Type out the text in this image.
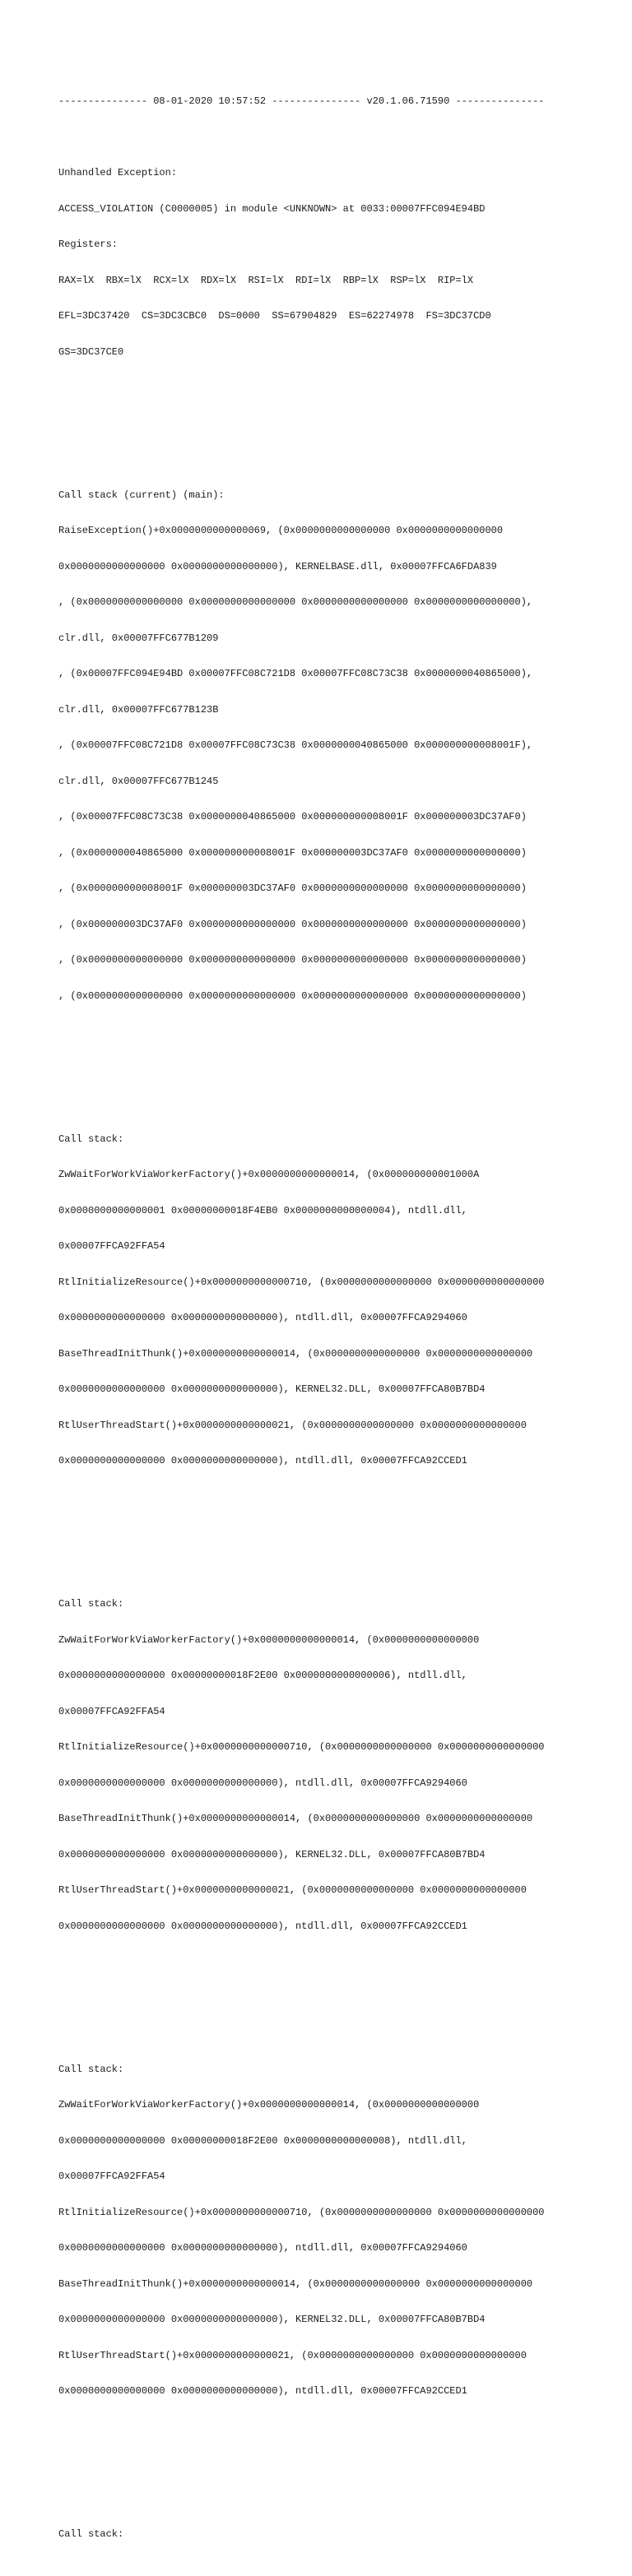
--------------- 08-01-2020 10:57:52 --------------- v20.1.06.71590 ---------------

Unhandled Exception:

ACCESS_VIOLATION (C0000005) in module <UNKNOWN> at 0033:00007FFC094E94BD

Registers:

RAX=lX  RBX=lX  RCX=lX  RDX=lX  RSI=lX  RDI=lX  RBP=lX  RSP=lX  RIP=lX

EFL=3DC37420  CS=3DC3CBC0  DS=0000  SS=67904829  ES=62274978  FS=3DC37CD0

GS=3DC37CE0

Call stack (current) (main):

RaiseException()+0x0000000000000069, (0x0000000000000000 0x0000000000000000

0x0000000000000000 0x0000000000000000), KERNELBASE.dll, 0x00007FFCA6FDA839

, (0x0000000000000000 0x0000000000000000 0x0000000000000000 0x0000000000000000),

clr.dll, 0x00007FFC677B1209

, (0x00007FFC094E94BD 0x00007FFC08C721D8 0x00007FFC08C73C38 0x0000000040865000),

clr.dll, 0x00007FFC677B123B

, (0x00007FFC08C721D8 0x00007FFC08C73C38 0x0000000040865000 0x000000000008001F),

clr.dll, 0x00007FFC677B1245

, (0x00007FFC08C73C38 0x0000000040865000 0x000000000008001F 0x000000003DC37AF0)

, (0x0000000040865000 0x000000000008001F 0x000000003DC37AF0 0x0000000000000000)

, (0x000000000008001F 0x000000003DC37AF0 0x0000000000000000 0x0000000000000000)

, (0x000000003DC37AF0 0x0000000000000000 0x0000000000000000 0x0000000000000000)

, (0x0000000000000000 0x0000000000000000 0x0000000000000000 0x0000000000000000)

, (0x0000000000000000 0x0000000000000000 0x0000000000000000 0x0000000000000000)

Call stack:

ZwWaitForWorkViaWorkerFactory()+0x0000000000000014, (0x000000000001000A

0x0000000000000001 0x00000000018F4EB0 0x0000000000000004), ntdll.dll,

0x00007FFCA92FFA54

RtlInitializeResource()+0x0000000000000710, (0x0000000000000000 0x0000000000000000

0x0000000000000000 0x0000000000000000), ntdll.dll, 0x00007FFCA9294060

BaseThreadInitThunk()+0x0000000000000014, (0x0000000000000000 0x0000000000000000

0x0000000000000000 0x0000000000000000), KERNEL32.DLL, 0x00007FFCA80B7BD4

RtlUserThreadStart()+0x0000000000000021, (0x0000000000000000 0x0000000000000000

0x0000000000000000 0x0000000000000000), ntdll.dll, 0x00007FFCA92CCED1

Call stack:

ZwWaitForWorkViaWorkerFactory()+0x0000000000000014, (0x0000000000000000

0x0000000000000000 0x00000000018F2E00 0x0000000000000006), ntdll.dll,

0x00007FFCA92FFA54

RtlInitializeResource()+0x0000000000000710, (0x0000000000000000 0x0000000000000000

0x0000000000000000 0x0000000000000000), ntdll.dll, 0x00007FFCA9294060

BaseThreadInitThunk()+0x0000000000000014, (0x0000000000000000 0x0000000000000000

0x0000000000000000 0x0000000000000000), KERNEL32.DLL, 0x00007FFCA80B7BD4

RtlUserThreadStart()+0x0000000000000021, (0x0000000000000000 0x0000000000000000

0x0000000000000000 0x0000000000000000), ntdll.dll, 0x00007FFCA92CCED1

Call stack:

ZwWaitForWorkViaWorkerFactory()+0x0000000000000014, (0x0000000000000000

0x0000000000000000 0x00000000018F2E00 0x0000000000000008), ntdll.dll,

0x00007FFCA92FFA54

RtlInitializeResource()+0x0000000000000710, (0x0000000000000000 0x0000000000000000

0x0000000000000000 0x0000000000000000), ntdll.dll, 0x00007FFCA9294060

BaseThreadInitThunk()+0x0000000000000014, (0x0000000000000000 0x0000000000000000

0x0000000000000000 0x0000000000000000), KERNEL32.DLL, 0x00007FFCA80B7BD4

RtlUserThreadStart()+0x0000000000000021, (0x0000000000000000 0x0000000000000000

0x0000000000000000 0x0000000000000000), ntdll.dll, 0x00007FFCA92CCED1

Call stack:
